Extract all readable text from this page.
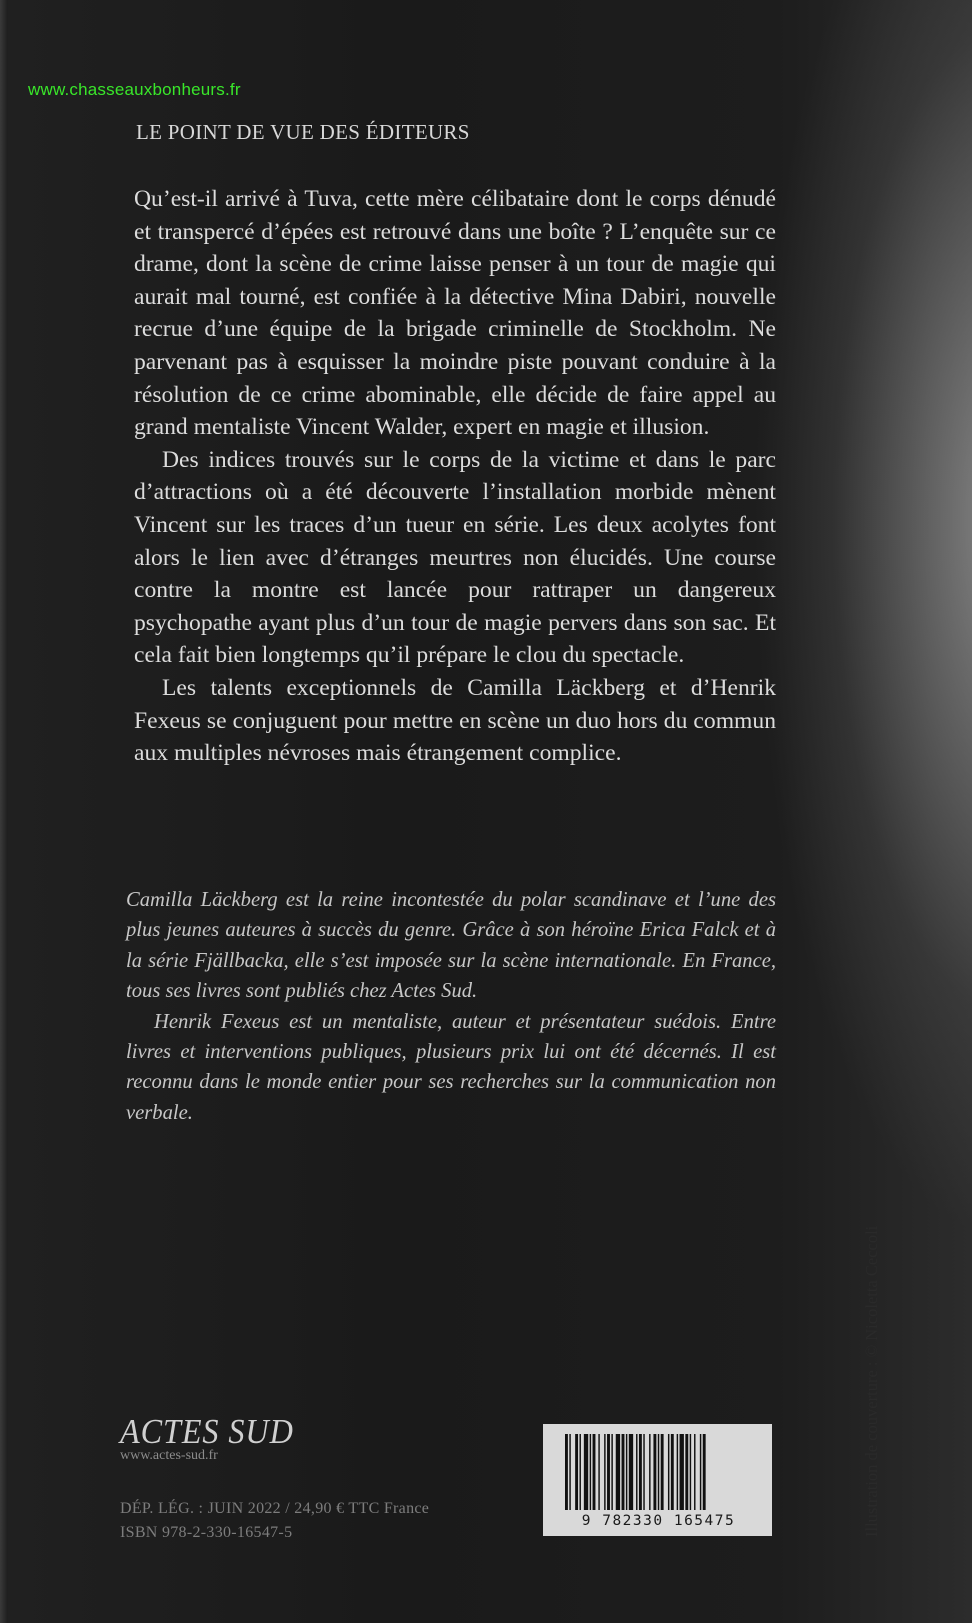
www.chasseauxbonheurs.fr
LE POINT DE VUE DES ÉDITEURS

Qu’est-il arrivé à Tuva, cette mère célibataire dont le corps dénudé et transpercé d’épées est retrouvé dans une boîte ? L’enquête sur ce drame, dont la scène de crime laisse penser à un tour de magie qui aurait mal tourné, est confiée à la détective Mina Dabiri, nouvelle recrue d’une équipe de la brigade criminelle de Stockholm. Ne parvenant pas à esquisser la moindre piste pouvant conduire à la résolution de ce crime abominable, elle décide de faire appel au grand mentaliste Vincent Walder, expert en magie et illusion.

Des indices trouvés sur le corps de la victime et dans le parc d’attractions où a été découverte l’installation morbide mènent Vincent sur les traces d’un tueur en série. Les deux acolytes font alors le lien avec d’étranges meurtres non élucidés. Une course contre la montre est lancée pour rattraper un dangereux psychopathe ayant plus d’un tour de magie pervers dans son sac. Et cela fait bien longtemps qu’il prépare le clou du spectacle.

Les talents exceptionnels de Camilla Läckberg et d’Henrik Fexeus se conjuguent pour mettre en scène un duo hors du commun aux multiples névroses mais étrangement complice.

Camilla Läckberg est la reine incontestée du polar scandinave et l’une des plus jeunes auteures à succès du genre. Grâce à son héroïne Erica Falck et à la série Fjällbacka, elle s’est imposée sur la scène internationale. En France, tous ses livres sont publiés chez Actes Sud.

Henrik Fexeus est un mentaliste, auteur et présentateur suédois. Entre livres et interventions publiques, plusieurs prix lui ont été décernés. Il est reconnu dans le monde entier pour ses recherches sur la communication non verbale.

Illustration de couverture : © Nicoletta Ceccoli
ACTES SUD
www.actes-sud.fr
DÉP. LÉG. : JUIN 2022 / 24,90 € TTC France
ISBN 978-2-330-16547-5
9 782330 165475
